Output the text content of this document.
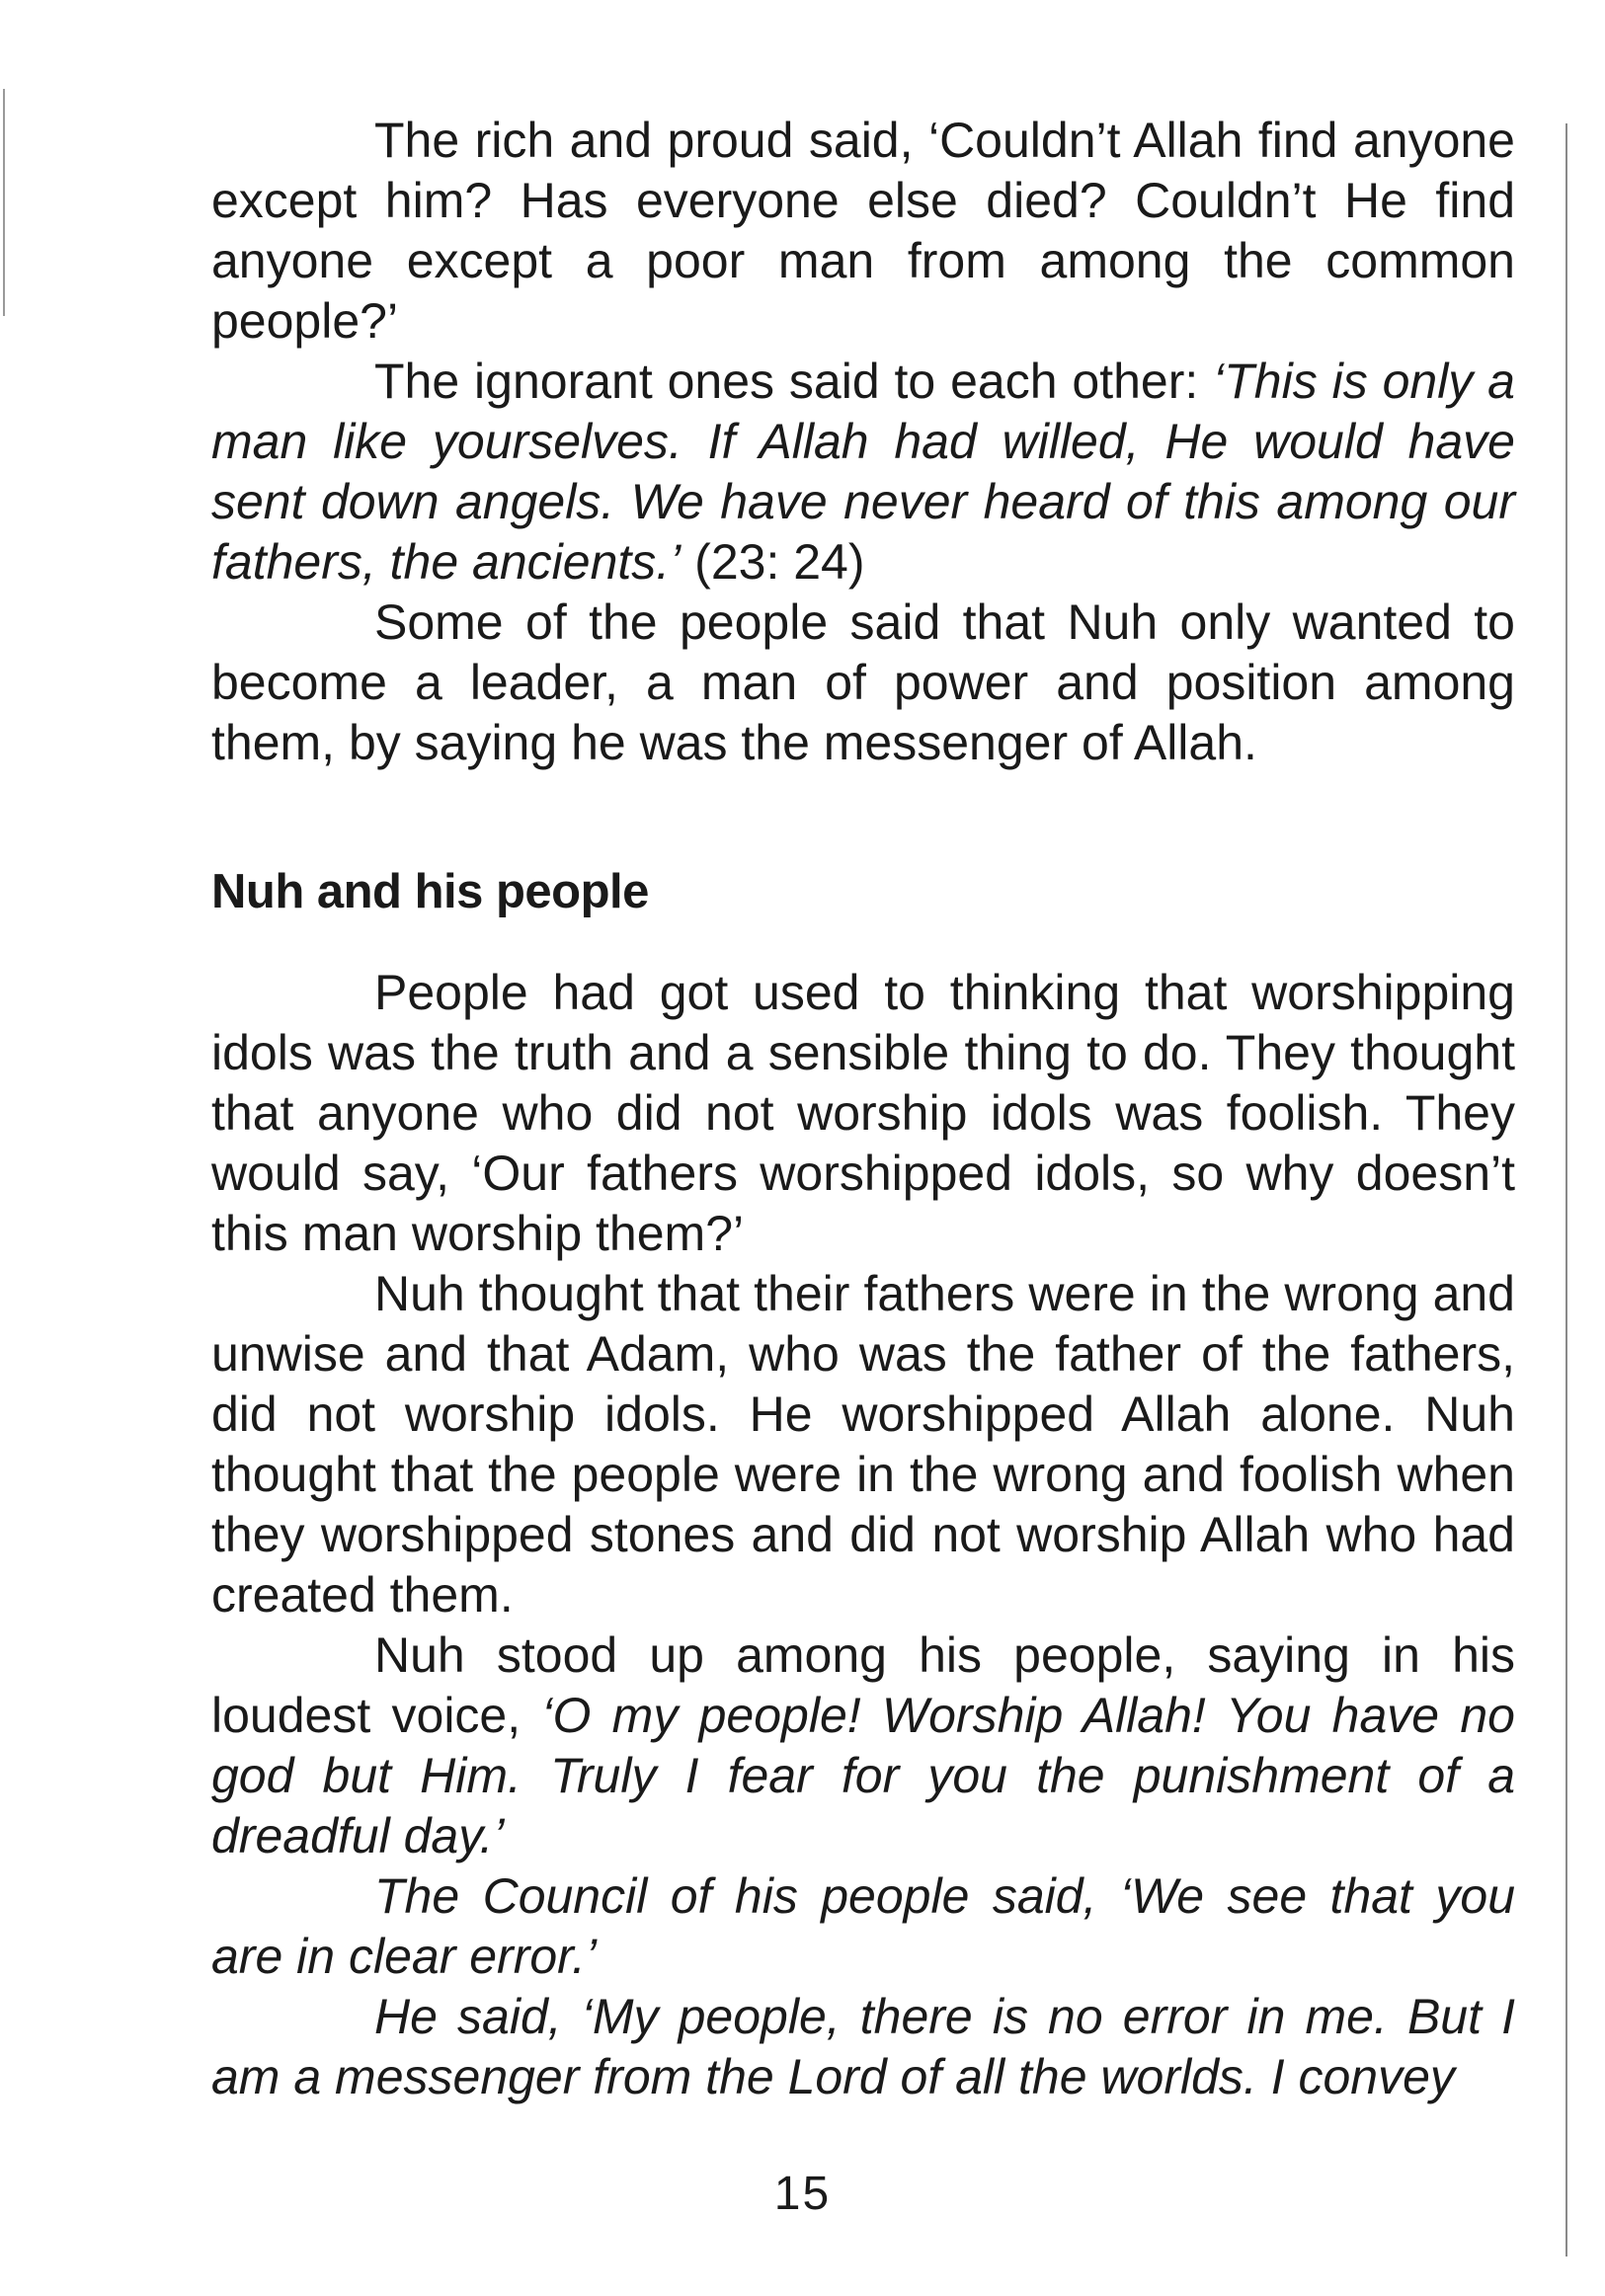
The rich and proud said, ‘Couldn’t Allah find anyone except him? Has everyone else died? Couldn’t He find anyone except a poor man from among the common people?’

The ignorant ones said to each other: ‘This is only a man like yourselves. If Allah had willed, He would have sent down angels. We have never heard of this among our fathers, the ancients.’ (23: 24)

Some of the people said that Nuh only wanted to become a leader, a man of power and position among them, by saying he was the messenger of Allah.

Nuh and his people

People had got used to thinking that worshipping idols was the truth and a sensible thing to do. They thought that anyone who did not worship idols was foolish. They would say, ‘Our fathers worshipped idols, so why doesn’t this man worship them?’

Nuh thought that their fathers were in the wrong and unwise and that Adam, who was the father of the fathers, did not worship idols. He worshipped Allah alone. Nuh thought that the people were in the wrong and foolish when they worshipped stones and did not worship Allah who had created them.

Nuh stood up among his people, saying in his loudest voice, ‘O my people! Worship Allah! You have no god but Him. Truly I fear for you the punishment of a dreadful day.’

The Council of his people said, ‘We see that you are in clear error.’

He said, ‘My people, there is no error in me. But I am a messenger from the Lord of all the worlds. I convey

15
